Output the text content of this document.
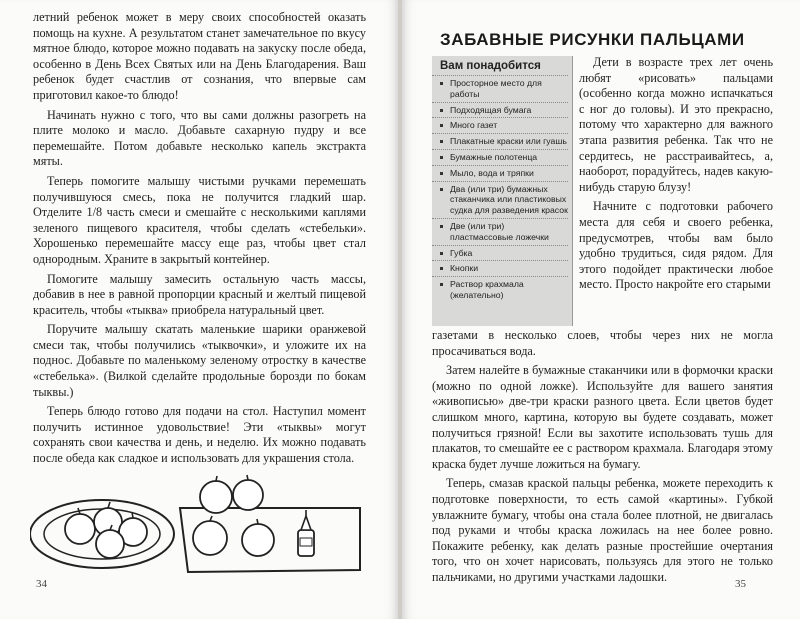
летний ребенок может в меру своих способностей оказать помощь на кухне. А результатом станет замечательное по вкусу мятное блюдо, которое можно подавать на закуску после обеда, особенно в День Всех Святых или на День Благодарения. Ваш ребенок будет счастлив от сознания, что впервые сам приготовил какое-то блюдо!

Начинать нужно с того, что вы сами должны разогреть на плите молоко и масло. Добавьте сахарную пудру и все перемешайте. Потом добавьте несколько капель экстракта мяты.

Теперь помогите малышу чистыми ручками перемешать получившуюся смесь, пока не получится гладкий шар. Отделите 1/8 часть смеси и смешайте с несколькими каплями зеленого пищевого красителя, чтобы сделать «стебельки». Хорошенько перемешайте массу еще раз, чтобы цвет стал однородным. Храните в закрытый контейнер.

Помогите малышу замесить остальную часть массы, добавив в нее в равной пропорции красный и желтый пищевой краситель, чтобы «тыква» приобрела натуральный цвет.

Поручите малышу скатать маленькие шарики оранжевой смеси так, чтобы получились «тыквочки», и уложите их на поднос. Добавьте по маленькому зеленому отростку в качестве «стебелька». (Вилкой сделайте продольные борозди по бокам тыквы.)

Теперь блюдо готово для подачи на стол. Наступил момент получить истинное удовольствие! Эти «тыквы» могут сохранять свои качества и день, и неделю. Их можно подавать после обеда как сладкое и использовать для украшения стола.

34
ЗАБАВНЫЕ РИСУНКИ ПАЛЬЦАМИ
Вам понадобится
Просторное место для работы
Подходящая бумага
Много газет
Плакатные краски или гуашь
Бумажные полотенца
Мыло, вода и тряпки
Два (или три) бумажных стаканчика или пластиковых судка для разведения красок
Две (или три) пластмассовые ложечки
Губка
Кнопки
Раствор крахмала (желательно)

Дети в возрасте трех лет очень любят «рисовать» пальцами (особенно когда можно испачкаться с ног до головы). И это прекрасно, потому что характерно для важного этапа развития ребенка. Так что не сердитесь, не расстраивайтесь, а, наоборот, порадуйтесь, надев какую-нибудь старую блузу!

Начните с подготовки рабочего места для себя и своего ребенка, предусмотрев, чтобы вам было удобно трудиться, сидя рядом. Для этого подойдет практически любое место. Просто накройте его старыми

газетами в несколько слоев, чтобы через них не могла просачиваться вода.

Затем налейте в бумажные стаканчики или в формочки краски (можно по одной ложке). Используйте для вашего занятия «живописью» две-три краски разного цвета. Если цветов будет слишком много, картина, которую вы будете создавать, может получиться грязной! Если вы захотите использовать тушь для плакатов, то смешайте ее с раствором крахмала. Благодаря этому краска будет лучше ложиться на бумагу.

Теперь, смазав краской пальцы ребенка, можете переходить к подготовке поверхности, то есть самой «картины». Губкой увлажните бумагу, чтобы она стала более плотной, не двигалась под руками и чтобы краска ложилась на нее более ровно. Покажите ребенку, как делать разные простейшие очертания того, что он хочет нарисовать, пользуясь для этого не только пальчиками, но другими участками ладошки.

35
